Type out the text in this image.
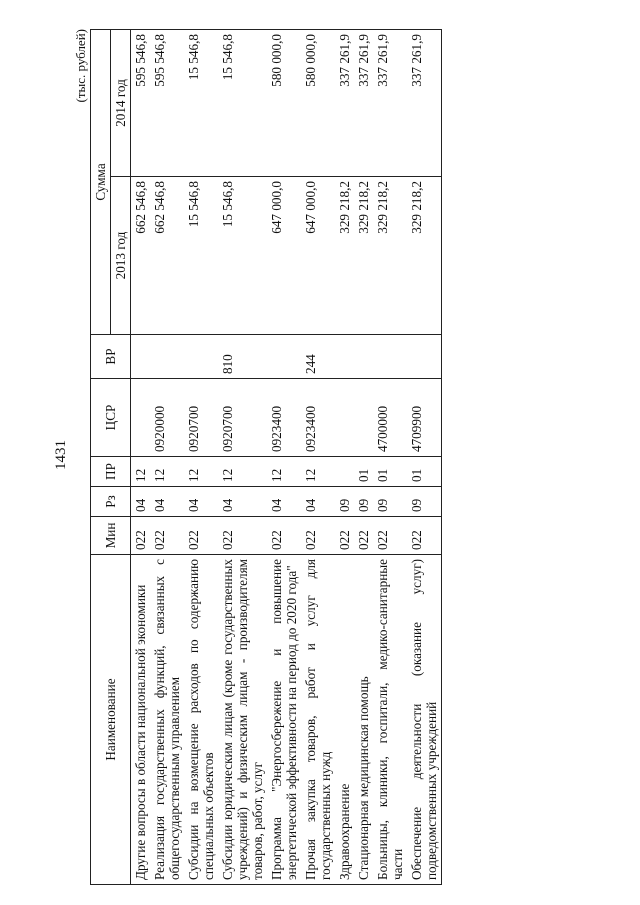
1431
(тыс. рублей)
Наименование	Мин	Рз	ПР	ЦСР	ВР	Сумма	
						2013 год	2014 год
Другие вопросы в области национальной экономики	022	04	12			662 546,8	595 546,8
Реализация государственных функций, связанных с общегосударственным управлением	022	04	12	0920000		662 546,8	595 546,8
Субсидии на возмещение расходов по содержанию специальных объектов	022	04	12	0920700		15 546,8	15 546,8
Субсидии юридическим лицам (кроме государственных учреждений) и физическим лицам - производителям товаров, работ, услуг	022	04	12	0920700	810	15 546,8	15 546,8
Программа "Энергосбережение и повышение энергетической эффективности на период до 2020 года"	022	04	12	0923400		647 000,0	580 000,0
Прочая закупка товаров, работ и услуг для государственных нужд	022	04	12	0923400	244	647 000,0	580 000,0
Здравоохранение	022	09				329 218,2	337 261,9
Стационарная медицинская помощь	022	09	01			329 218,2	337 261,9
Больницы, клиники, госпитали, медико-санитарные части	022	09	01	4700000		329 218,2	337 261,9
Обеспечение деятельности (оказание услуг) подведомственных учреждений	022	09	01	4709900		329 218,2	337 261,9
